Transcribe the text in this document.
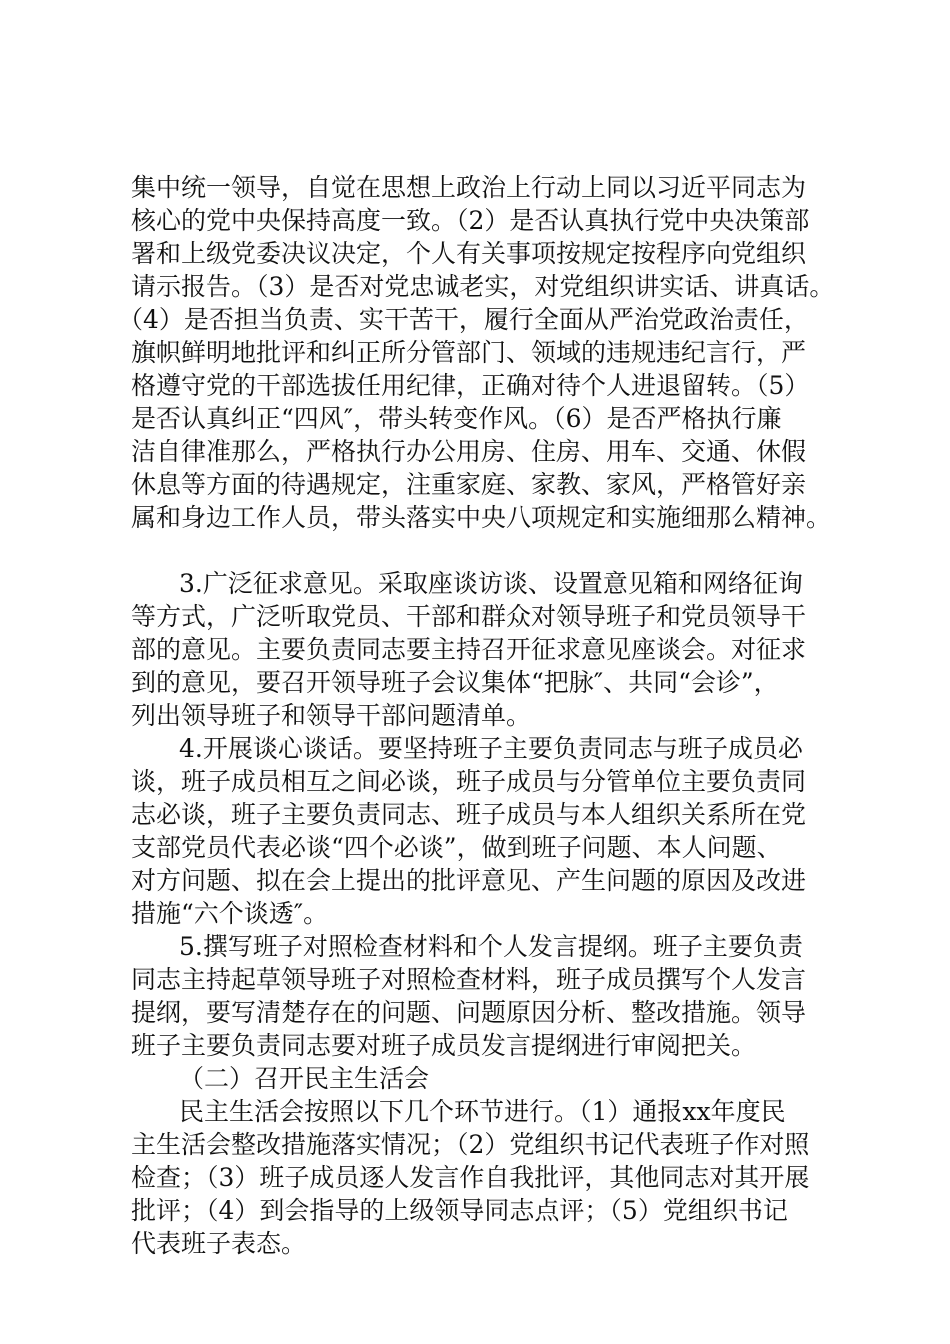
集中统一领导，自觉在思想上政治上行动上同以习近平同志为
核心的党中央保持高度一致。（2）是否认真执行党中央决策部
署和上级党委决议决定，个人有关事项按规定按程序向党组织
请示报告。（3）是否对党忠诚老实，对党组织讲实话、讲真话。
（4）是否担当负责、实干苦干，履行全面从严治党政治责任，
旗帜鲜明地批评和纠正所分管部门、领域的违规违纪言行，严
格遵守党的干部选拔任用纪律，正确对待个人进退留转。（5）
是否认真纠正“四风″，带头转变作风。（6）是否严格执行廉
洁自律准那么，严格执行办公用房、住房、用车、交通、休假
休息等方面的待遇规定，注重家庭、家教、家风，严格管好亲
属和身边工作人员，带头落实中央八项规定和实施细那么精神。
3.广泛征求意见。采取座谈访谈、设置意见箱和网络征询
等方式，广泛听取党员、干部和群众对领导班子和党员领导干
部的意见。主要负责同志要主持召开征求意见座谈会。对征求
到的意见，要召开领导班子会议集体“把脉″、共同“会诊”，
列出领导班子和领导干部问题清单。
4.开展谈心谈话。要坚持班子主要负责同志与班子成员必
谈，班子成员相互之间必谈，班子成员与分管单位主要负责同
志必谈，班子主要负责同志、班子成员与本人组织关系所在党
支部党员代表必谈“四个必谈”，做到班子问题、本人问题、
对方问题、拟在会上提出的批评意见、产生问题的原因及改进
措施“六个谈透″。
5.撰写班子对照检查材料和个人发言提纲。班子主要负责
同志主持起草领导班子对照检查材料，班子成员撰写个人发言
提纲，要写清楚存在的问题、问题原因分析、整改措施。领导
班子主要负责同志要对班子成员发言提纲进行审阅把关。
（二）召开民主生活会
民主生活会按照以下几个环节进行。（1）通报xx年度民
主生活会整改措施落实情况；（2）党组织书记代表班子作对照
检查；（3）班子成员逐人发言作自我批评，其他同志对其开展
批评；（4）到会指导的上级领导同志点评；（5）党组织书记
代表班子表态。
